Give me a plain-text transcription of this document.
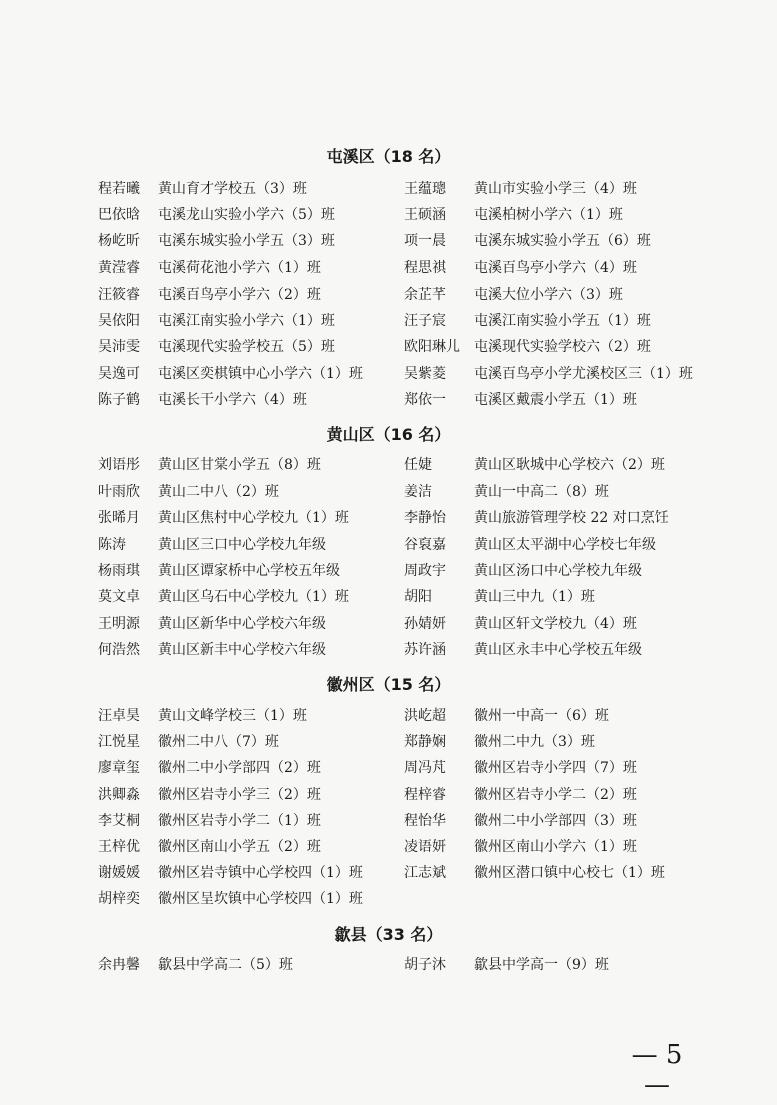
屯溪区（18 名）
程若曦 黄山育才学校五（3）班	王蕴璁 黄山市实验小学三（4）班
巴依晗 屯溪龙山实验小学六（5）班	王硕涵 屯溪柏树小学六（1）班
杨屹昕 屯溪东城实验小学五（3）班	项一晨 屯溪东城实验小学五（6）班
黄滢睿 屯溪荷花池小学六（1）班	程思祺 屯溪百鸟亭小学六（4）班
汪筱睿 屯溪百鸟亭小学六（2）班	余芷芊 屯溪大位小学六（3）班
吴依阳 屯溪江南实验小学六（1）班	汪子宸 屯溪江南实验小学五（1）班
吴沛雯 屯溪现代实验学校五（5）班	欧阳琳儿 屯溪现代实验学校六（2）班
吴逸可 屯溪区奕棋镇中心小学六（1）班	吴紫菱 屯溪百鸟亭小学尤溪校区三（1）班
陈子鹤 屯溪长干小学六（4）班	郑依一 屯溪区戴震小学五（1）班
黄山区（16 名）
刘语彤 黄山区甘棠小学五（8）班	任婕	黄山区耿城中心学校六（2）班
叶雨欣 黄山二中八（2）班	姜洁	黄山一中高二（8）班
张晞月 黄山区焦村中心学校九（1）班	李静怡 黄山旅游管理学校 22 对口烹饪
陈涛 黄山区三口中心学校九年级	谷裒嘉 黄山区太平湖中心学校七年级
杨雨琪 黄山区谭家桥中心学校五年级	周政宇 黄山区汤口中心学校九年级
莫文卓 黄山区乌石中心学校九（1）班	胡阳	黄山三中九（1）班
王明源 黄山区新华中心学校六年级	孙婧妍 黄山区轩文学校九（4）班
何浩然 黄山区新丰中心学校六年级	苏许涵 黄山区永丰中心学校五年级
徽州区（15 名）
汪卓昊 黄山文峰学校三（1）班	洪屹超 徽州一中高一（6）班
江悦星 徽州二中八（7）班	郑静娴 徽州二中九（3）班
廖章玺 徽州二中小学部四（2）班	周冯芃 徽州区岩寺小学四（7）班
洪卿淼 徽州区岩寺小学三（2）班	程梓睿 徽州区岩寺小学二（2）班
李艾桐 徽州区岩寺小学二（1）班	程怡华 徽州二中小学部四（3）班
王梓优 徽州区南山小学五（2）班	凌语妍 徽州区南山小学六（1）班
谢媛媛 徽州区岩寺镇中心学校四（1）班	江志斌 徽州区潜口镇中心校七（1）班
胡梓奕 徽州区呈坎镇中心学校四（1）班
歙县（33 名）
余冉馨 歙县中学高二（5）班	胡子沐 歙县中学高一（9）班
— 5 —
